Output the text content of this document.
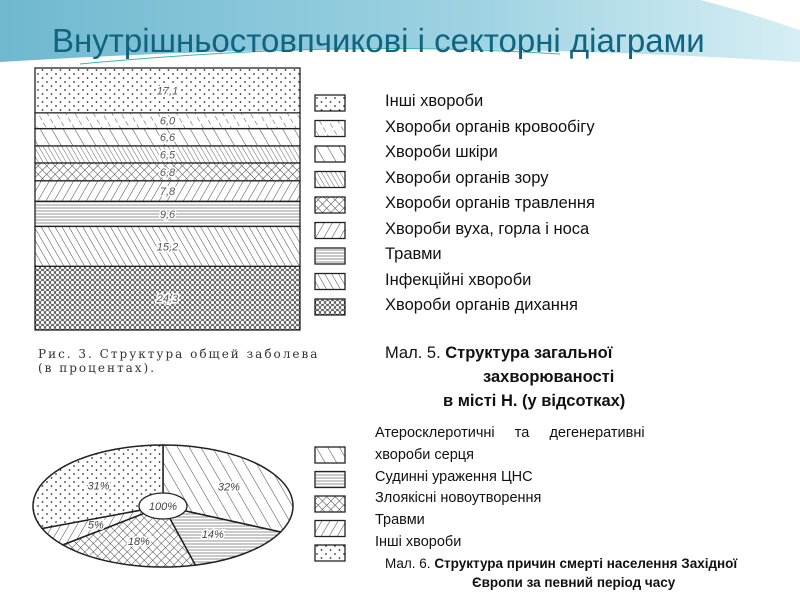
Внутрішньостовпчикові і секторні діаграми
24,3
15,2
9,6
7,8
6,8
6,5
6,6
6,0
17,1
32%
14%
18%
5%
31%
100%
Інші хвороби
Хвороби органів кровообігу
Хвороби шкіри
Хвороби органів зору
Хвороби органів травлення
Хвороби вуха, горла і носа
Травми
Інфекційні хвороби
Хвороби органів дихання
Рис. 3. Структура общей заболева
(в процентах).
Мал. 5. Структура загальної
захворюваності
в місті Н. (у відсотках)
Атеросклеротичні     та     дегенеративні
хвороби серця
Судинні ураження ЦНС
Злоякісні новоутворення
Травми
Інші хвороби
Мал. 6. Структура причин смерті населення Західної
Європи за певний період часу
